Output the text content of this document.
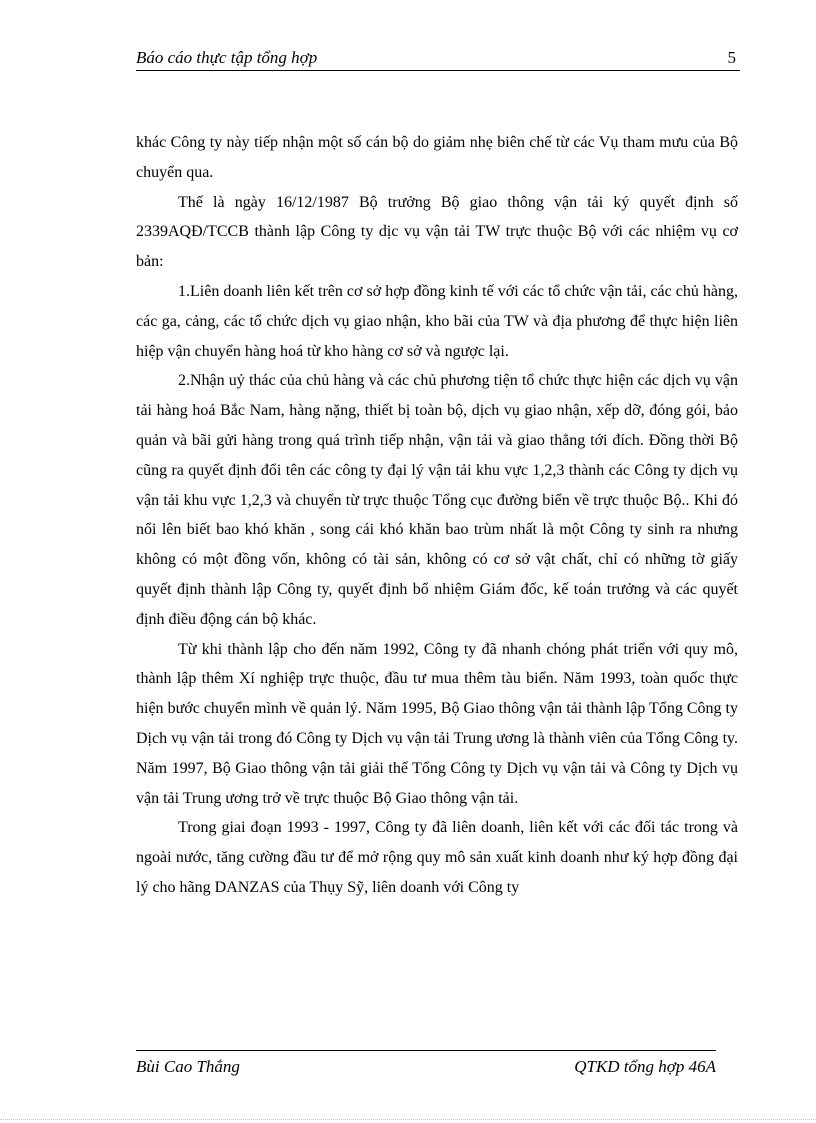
Báo cáo thực tập tổng hợp	5

khác Công ty này tiếp nhận một số cán bộ do giảm nhẹ biên chế từ các Vụ tham mưu của Bộ chuyển qua.

Thế là ngày 16/12/1987 Bộ trưởng Bộ giao thông vận tải ký quyết định số 2339AQĐ/TCCB thành lập Công ty dịc vụ vận tải TW trực thuộc Bộ với các nhiệm vụ cơ bản:

1.Liên doanh liên kết trên cơ sở hợp đồng kinh tế với các tổ chức vận tải, các chủ hàng, các ga, cảng, các tổ chức dịch vụ giao nhận, kho bãi của TW và địa phương để thực hiện liên hiệp vận chuyển hàng hoá từ kho hàng cơ sở và ngược lại.

2.Nhận uỷ thác của chủ hàng và các chủ phương tiện tổ chức thực hiện các dịch vụ vận tải hàng hoá Bắc Nam, hàng nặng, thiết bị toàn bộ, dịch vụ giao nhận, xếp dỡ, đóng gói, bảo quản và bãi gửi hàng trong quá trình tiếp nhận, vận tải và giao thẳng tới đích. Đồng thời Bộ cũng ra quyết định đổi tên các công ty đại lý vận tải khu vực 1,2,3 thành các Công ty dịch vụ vận tải khu vực 1,2,3 và chuyển từ trực thuộc Tổng cục đường biển về trực thuộc Bộ.. Khi đó nổi lên biết bao khó khăn , song cái khó khăn bao trùm nhất là một Công ty sinh ra nhưng không có một đồng vốn, không có tài sản, không có cơ sở vật chất, chỉ có những tờ giấy quyết định thành lập Công ty, quyết định bổ nhiệm Giám đốc, kế toán trưởng và các quyết định điều động cán bộ khác.

Từ khi thành lập cho đến năm 1992, Công ty đã nhanh chóng phát triển với quy mô, thành lập thêm Xí nghiệp trực thuộc, đầu tư mua thêm tàu biển. Năm 1993, toàn quốc thực hiện bước chuyển mình về quản lý. Năm 1995, Bộ Giao thông vận tải thành lập Tổng Công ty Dịch vụ vận tải trong đó Công ty Dịch vụ vận tải Trung ương là thành viên của Tổng Công ty. Năm 1997, Bộ Giao thông vận tải giải thể Tổng Công ty Dịch vụ vận tải và Công ty Dịch vụ vận tải Trung ương trở về trực thuộc Bộ Giao thông vận tải.

Trong giai đoạn 1993 - 1997, Công ty đã liên doanh, liên kết với các đối tác trong và ngoài nước, tăng cường đầu tư để mở rộng quy mô sản xuất kinh doanh như ký hợp đồng đại lý cho hãng DANZAS của Thụy Sỹ, liên doanh với Công ty

Bùi Cao Thắng	QTKD tổng hợp 46A
